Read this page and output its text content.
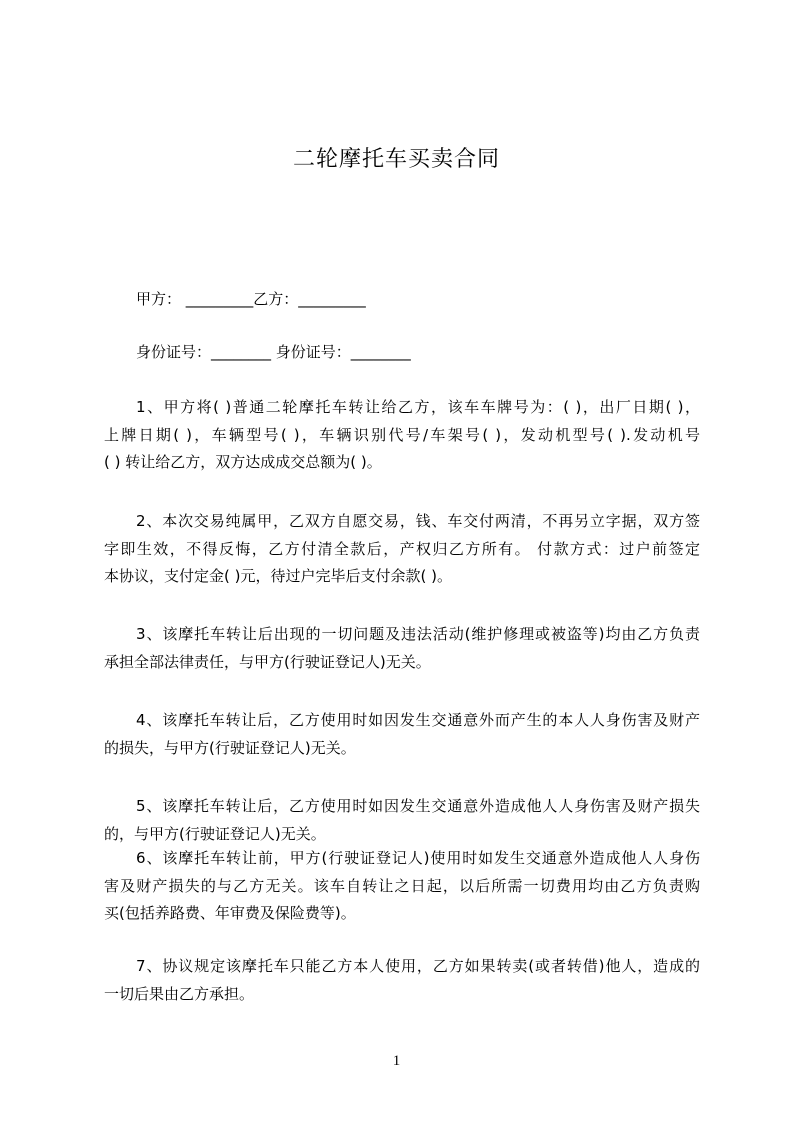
二轮摩托车买卖合同
甲方： _________乙方：_________
身份证号：________ 身份证号：________
1、甲方将( )普通二轮摩托车转让给乙方，该车车牌号为：( )，出厂日期( )，
上牌日期( )，车辆型号( )，车辆识别代号/车架号( )，发动机型号( ).发动机号
( ) 转让给乙方，双方达成成交总额为( )。
2、本次交易纯属甲，乙双方自愿交易，钱、车交付两清，不再另立字据，双方签
字即生效，不得反悔，乙方付清全款后，产权归乙方所有。 付款方式：过户前签定
本协议，支付定金( )元，待过户完毕后支付余款( )。
3、该摩托车转让后出现的一切问题及违法活动(维护修理或被盗等)均由乙方负责
承担全部法律责任，与甲方(行驶证登记人)无关。
4、该摩托车转让后，乙方使用时如因发生交通意外而产生的本人人身伤害及财产
的损失，与甲方(行驶证登记人)无关。
5、该摩托车转让后，乙方使用时如因发生交通意外造成他人人身伤害及财产损失
的，与甲方(行驶证登记人)无关。
6、该摩托车转让前，甲方(行驶证登记人)使用时如发生交通意外造成他人人身伤
害及财产损失的与乙方无关。该车自转让之日起，以后所需一切费用均由乙方负责购
买(包括养路费、年审费及保险费等)。
7、协议规定该摩托车只能乙方本人使用，乙方如果转卖(或者转借)他人，造成的
一切后果由乙方承担。
1
